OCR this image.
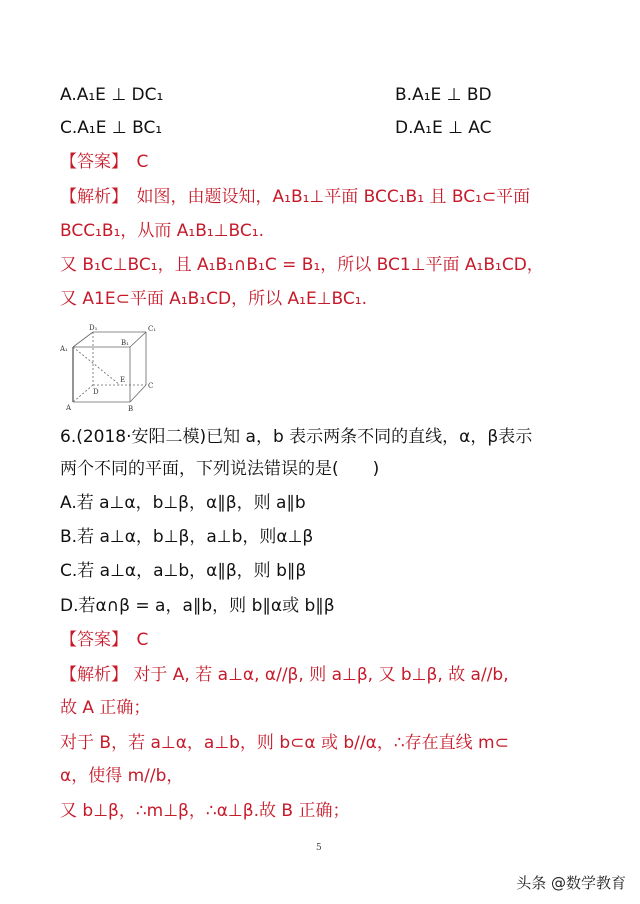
A.A₁E ⊥ DC₁	B.A₁E ⊥ BD
C.A₁E ⊥ BC₁	D.A₁E ⊥ AC
【答案】　C
【解析】　如图，由题设知，A₁B₁⊥平面 BCC₁B₁ 且 BC₁⊂平面
BCC₁B₁，从而 A₁B₁⊥BC₁.
又 B₁C⊥BC₁，且 A₁B₁∩B₁C = B₁，所以 BC1⊥平面 A₁B₁CD，
又 A1E⊂平面 A₁B₁CD，所以 A₁E⊥BC₁.
D₁	C₁
A₁
B₁
E
D
C
A	B
6.(2018·安阳二模)已知 a，b 表示两条不同的直线，α，β表示
两个不同的平面，下列说法错误的是(　　)
A.若 a⊥α，b⊥β，α∥β，则 a∥b
B.若 a⊥α，b⊥β，a⊥b，则α⊥β
C.若 a⊥α，a⊥b，α∥β，则 b∥β
D.若α∩β = a，a∥b，则 b∥α或 b∥β
【答案】　C
【解析】 对于 A, 若 a⊥α, α//β, 则 a⊥β, 又 b⊥β, 故 a//b,
故 A 正确；
对于 B，若 a⊥α，a⊥b，则 b⊂α 或 b//α，∴存在直线 m⊂
α，使得 m//b，
又 b⊥β，∴m⊥β，∴α⊥β.故 B 正确；
5
头条 @数学教育
